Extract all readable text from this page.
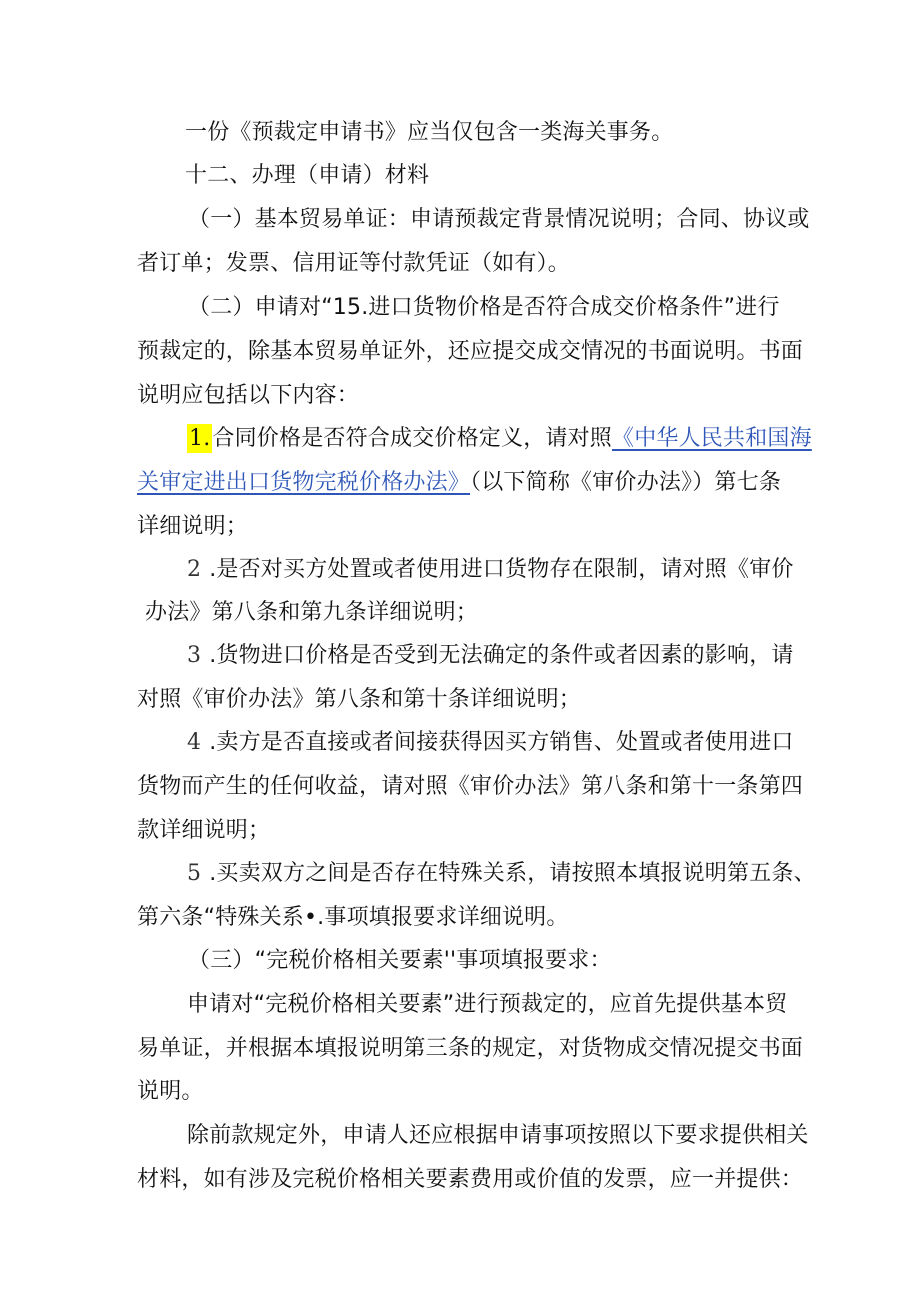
一份《预裁定申请书》应当仅包含一类海关事务。
十二、办理（申请）材料
（一）基本贸易单证：申请预裁定背景情况说明；合同、协议或
者订单；发票、信用证等付款凭证（如有）。
（二）申请对“15.进口货物价格是否符合成交价格条件”进行
预裁定的，除基本贸易单证外，还应提交成交情况的书面说明。书面
说明应包括以下内容：
1.合同价格是否符合成交价格定义，请对照《中华人民共和国海
关审定进出口货物完税价格办法》（以下简称《审价办法》）第七条
详细说明；
2 .是否对买方处置或者使用进口货物存在限制，请对照《审价
办法》第八条和第九条详细说明；
3 .货物进口价格是否受到无法确定的条件或者因素的影响，请
对照《审价办法》第八条和第十条详细说明；
4 .卖方是否直接或者间接获得因买方销售、处置或者使用进口
货物而产生的任何收益，请对照《审价办法》第八条和第十一条第四
款详细说明；
5 .买卖双方之间是否存在特殊关系，请按照本填报说明第五条、
第六条“特殊关系•.事项填报要求详细说明。
（三）“完税价格相关要素''事项填报要求：
申请对“完税价格相关要素”进行预裁定的，应首先提供基本贸
易单证，并根据本填报说明第三条的规定，对货物成交情况提交书面
说明。
除前款规定外，申请人还应根据申请事项按照以下要求提供相关
材料，如有涉及完税价格相关要素费用或价值的发票，应一并提供：
